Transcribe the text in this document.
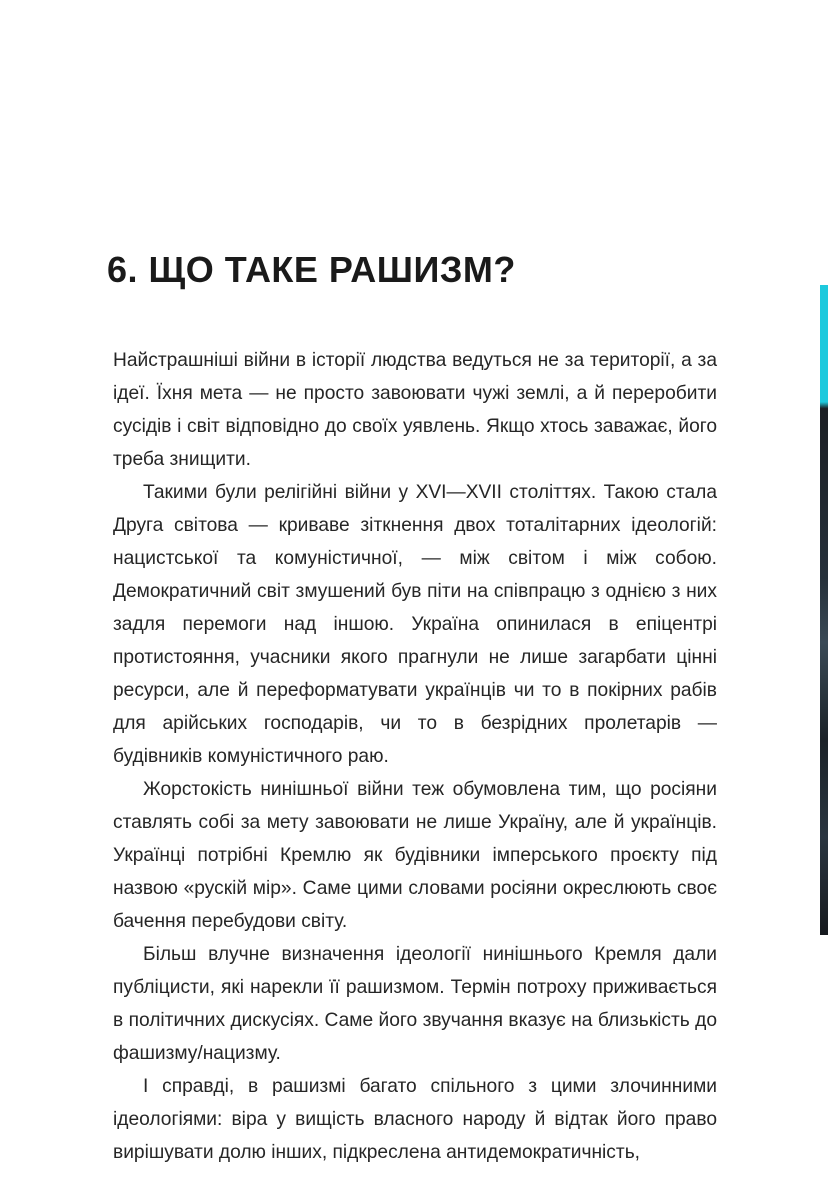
6. ЩО ТАКЕ РАШИЗМ?

Найстрашніші війни в історії людства ведуться не за території, а за ідеї. Їхня мета — не просто завоювати чужі землі, а й переробити сусідів і світ відповідно до своїх уявлень. Якщо хтось заважає, його треба знищити.

Такими були релігійні війни у XVI—XVII століттях. Такою стала Друга світова — криваве зіткнення двох тоталітарних ідеологій: нацистської та комуністичної, — між світом і між собою. Демократичний світ змушений був піти на співпрацю з однією з них задля перемоги над іншою. Україна опинилася в епіцентрі протистояння, учасники якого прагнули не лише загарбати цінні ресурси, але й переформатувати українців чи то в покірних рабів для арійських господарів, чи то в безрідних пролетарів — будівників комуністичного раю.

Жорстокість нинішньої війни теж обумовлена тим, що росіяни ставлять собі за мету завоювати не лише Україну, але й українців. Українці потрібні Кремлю як будівники імперського проєкту під назвою «рускій мір». Саме цими словами росіяни окреслюють своє бачення перебудови світу.

Більш влучне визначення ідеології нинішнього Кремля дали публіцисти, які нарекли її рашизмом. Термін потроху приживається в політичних дискусіях. Саме його звучання вказує на близькість до фашизму/нацизму.

І справді, в рашизмі багато спільного з цими злочинними ідеологіями: віра у вищість власного народу й відтак його право вирішувати долю інших, підкреслена антидемократичність,
